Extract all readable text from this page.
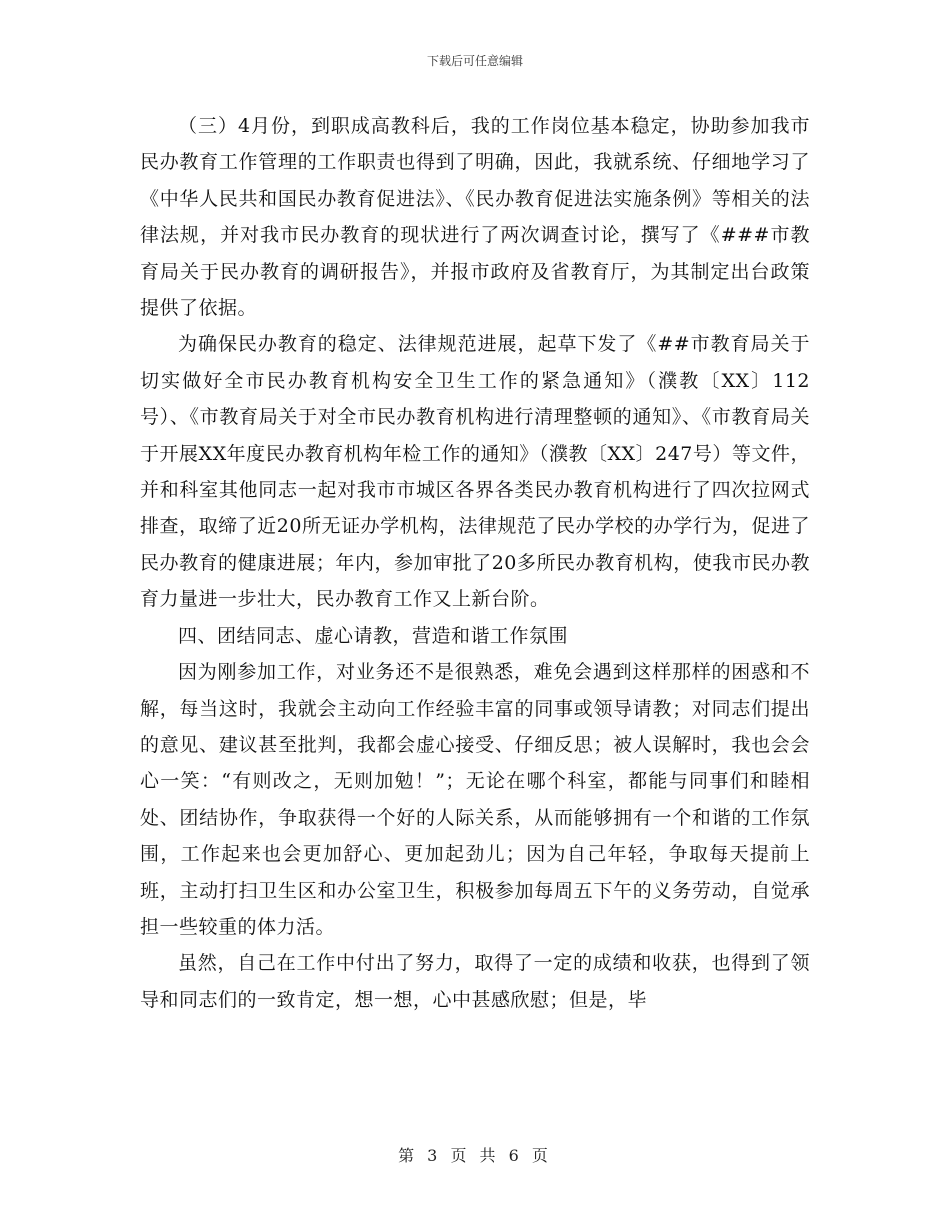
下载后可任意编辑

（三）4月份，到职成高教科后，我的工作岗位基本稳定，协助参加我市民办教育工作管理的工作职责也得到了明确，因此，我就系统、仔细地学习了《中华人民共和国民办教育促进法》、《民办教育促进法实施条例》等相关的法律法规，并对我市民办教育的现状进行了两次调查讨论，撰写了《###市教育局关于民办教育的调研报告》，并报市政府及省教育厅，为其制定出台政策提供了依据。

为确保民办教育的稳定、法律规范进展，起草下发了《##市教育局关于切实做好全市民办教育机构安全卫生工作的紧急通知》（濮教〔XX〕112号）、《市教育局关于对全市民办教育机构进行清理整顿的通知》、《市教育局关于开展XX年度民办教育机构年检工作的通知》（濮教〔XX〕247号）等文件，并和科室其他同志一起对我市市城区各界各类民办教育机构进行了四次拉网式排查，取缔了近20所无证办学机构，法律规范了民办学校的办学行为，促进了民办教育的健康进展；年内，参加审批了20多所民办教育机构，使我市民办教育力量进一步壮大，民办教育工作又上新台阶。

四、团结同志、虚心请教，营造和谐工作氛围

因为刚参加工作，对业务还不是很熟悉，难免会遇到这样那样的困惑和不解，每当这时，我就会主动向工作经验丰富的同事或领导请教；对同志们提出的意见、建议甚至批判，我都会虚心接受、仔细反思；被人误解时，我也会会心一笑：“有则改之，无则加勉！”；无论在哪个科室，都能与同事们和睦相处、团结协作，争取获得一个好的人际关系，从而能够拥有一个和谐的工作氛围，工作起来也会更加舒心、更加起劲儿；因为自己年轻，争取每天提前上班，主动打扫卫生区和办公室卫生，积极参加每周五下午的义务劳动，自觉承担一些较重的体力活。

虽然，自己在工作中付出了努力，取得了一定的成绩和收获，也得到了领导和同志们的一致肯定，想一想，心中甚感欣慰；但是，毕

第 3 页 共 6 页
